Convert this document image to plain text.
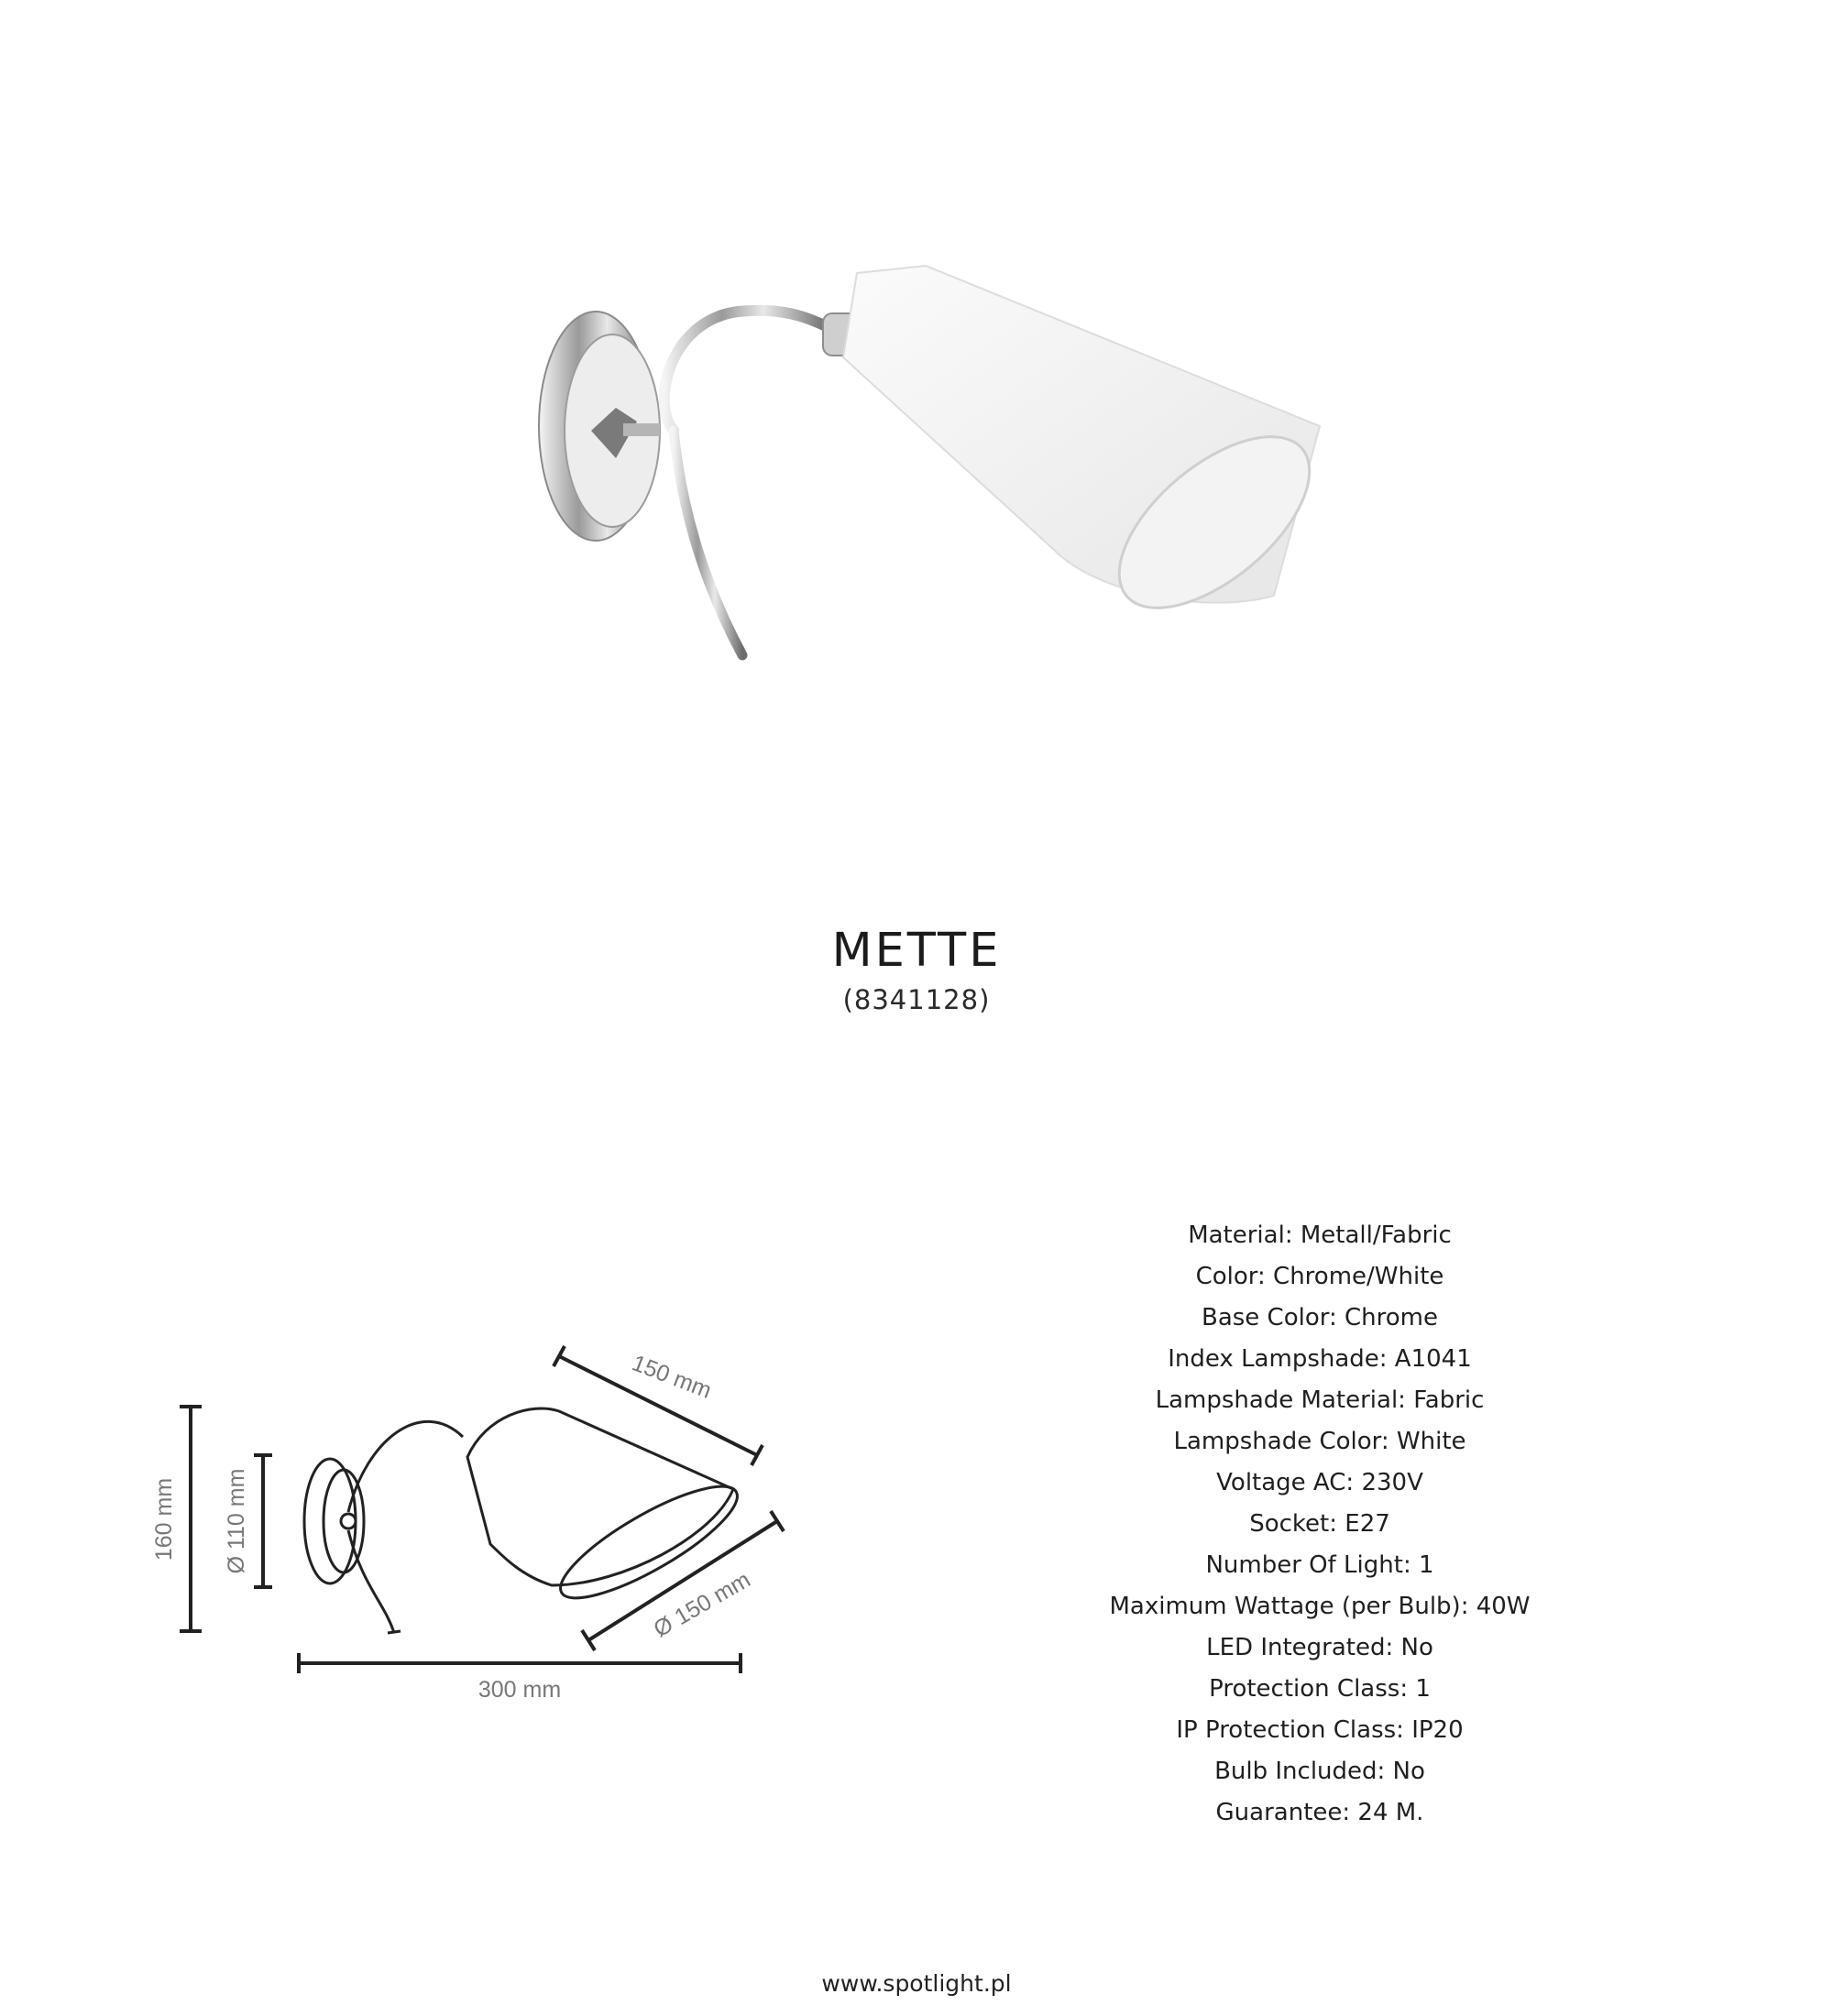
METTE
(8341128)
160 mm Ø 110 mm
150 mm
Ø 150 mm
300 mm
Material: Metall/Fabric
Color: Chrome/White
Base Color: Chrome
Index Lampshade: A1041
Lampshade Material: Fabric
Lampshade Color: White
Voltage AC: 230V
Socket: E27
Number Of Light: 1
Maximum Wattage (per Bulb): 40W
LED Integrated: No
Protection Class: 1
IP Protection Class: IP20
Bulb Included: No
Guarantee: 24 M.
www.spotlight.pl
